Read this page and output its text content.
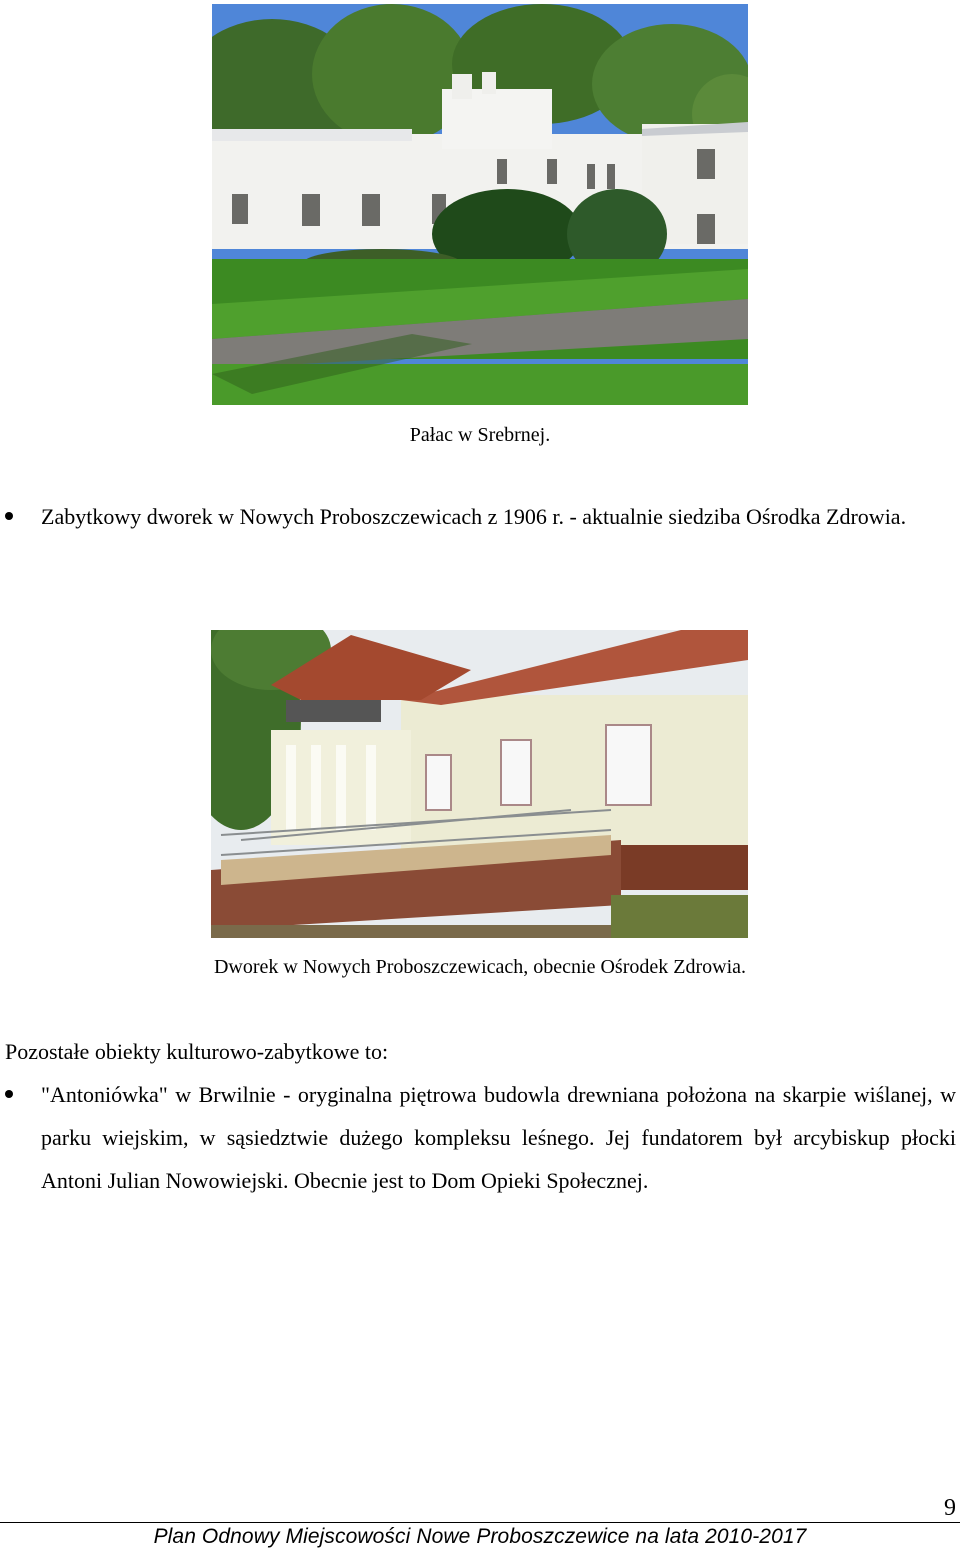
Pałac w Srebrnej.
Zabytkowy dworek w Nowych Proboszczewicach z 1906 r. - aktualnie siedziba Ośrodka Zdrowia.
Dworek w Nowych Proboszczewicach, obecnie Ośrodek Zdrowia.
Pozostałe obiekty kulturowo-zabytkowe to:
"Antoniówka" w Brwilnie - oryginalna piętrowa budowla drewniana położona na skarpie wiślanej, w parku wiejskim, w sąsiedztwie dużego kompleksu leśnego. Jej fundatorem był arcybiskup płocki Antoni Julian Nowowiejski. Obecnie jest to Dom Opieki Społecznej.
9
Plan Odnowy Miejscowości Nowe Proboszczewice na lata 2010-2017
